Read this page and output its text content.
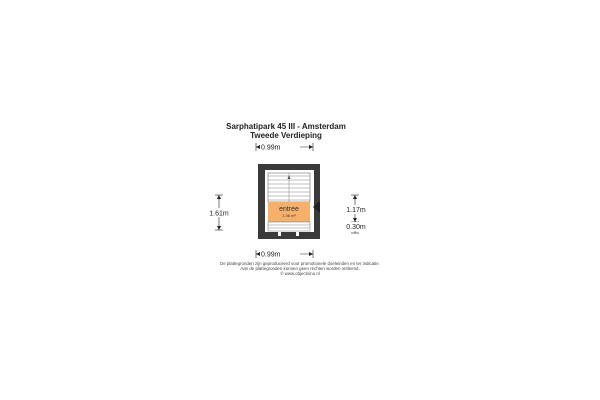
Sarphatipark 45 III - Amsterdam
Tweede Verdieping
0.99m
entree
1.36 m²
1.61m	1.17m
0.30m
0.99m
De plattegronden zijn geproduceerd voor promotionele doeleinden en ter indicatie.
Aan de plattegronden kunnen geen rechten worden ontleend.
© www.objectiono.nl
